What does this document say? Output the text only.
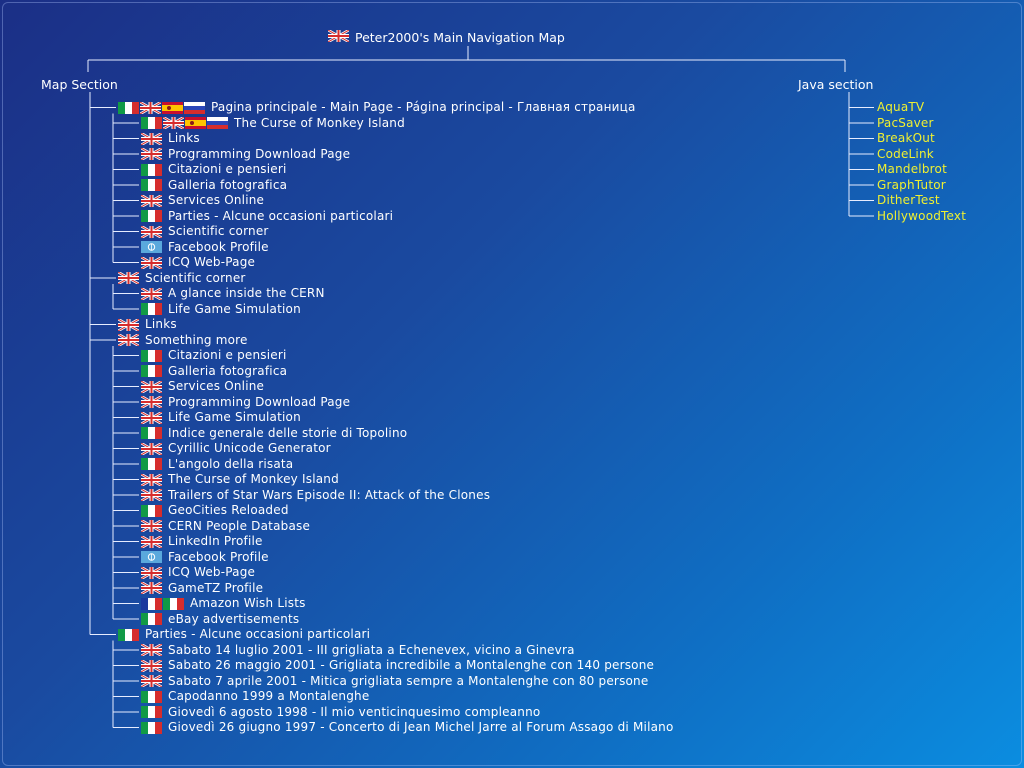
Peter2000's Main Navigation Map
Map Section	Java section
Pagina principale - Main Page - Página principal - Главная страница
The Curse of Monkey Island
Links
Programming Download Page
Citazioni e pensieri
Galleria fotografica
Services Online
Parties - Alcune occasioni particolari
Scientific corner
Facebook Profile
ICQ Web-Page
Scientific corner
A glance inside the CERN
Life Game Simulation
Links
Something more
Citazioni e pensieri
Galleria fotografica
Services Online
Programming Download Page
Life Game Simulation
Indice generale delle storie di Topolino
Cyrillic Unicode Generator
L'angolo della risata
The Curse of Monkey Island
Trailers of Star Wars Episode II: Attack of the Clones
GeoCities Reloaded
CERN People Database
LinkedIn Profile
Facebook Profile
ICQ Web-Page
GameTZ Profile
Amazon Wish Lists
eBay advertisements
Parties - Alcune occasioni particolari
Sabato 14 luglio 2001 - III grigliata a Echenevex, vicino a Ginevra
Sabato 26 maggio 2001 - Grigliata incredibile a Montalenghe con 140 persone
Sabato 7 aprile 2001 - Mitica grigliata sempre a Montalenghe con 80 persone
Capodanno 1999 a Montalenghe
Giovedì 6 agosto 1998 - Il mio venticinquesimo compleanno
Giovedì 26 giugno 1997 - Concerto di Jean Michel Jarre al Forum Assago di Milano
AquaTV
PacSaver
BreakOut
CodeLink
Mandelbrot
GraphTutor
DitherTest
HollywoodText
